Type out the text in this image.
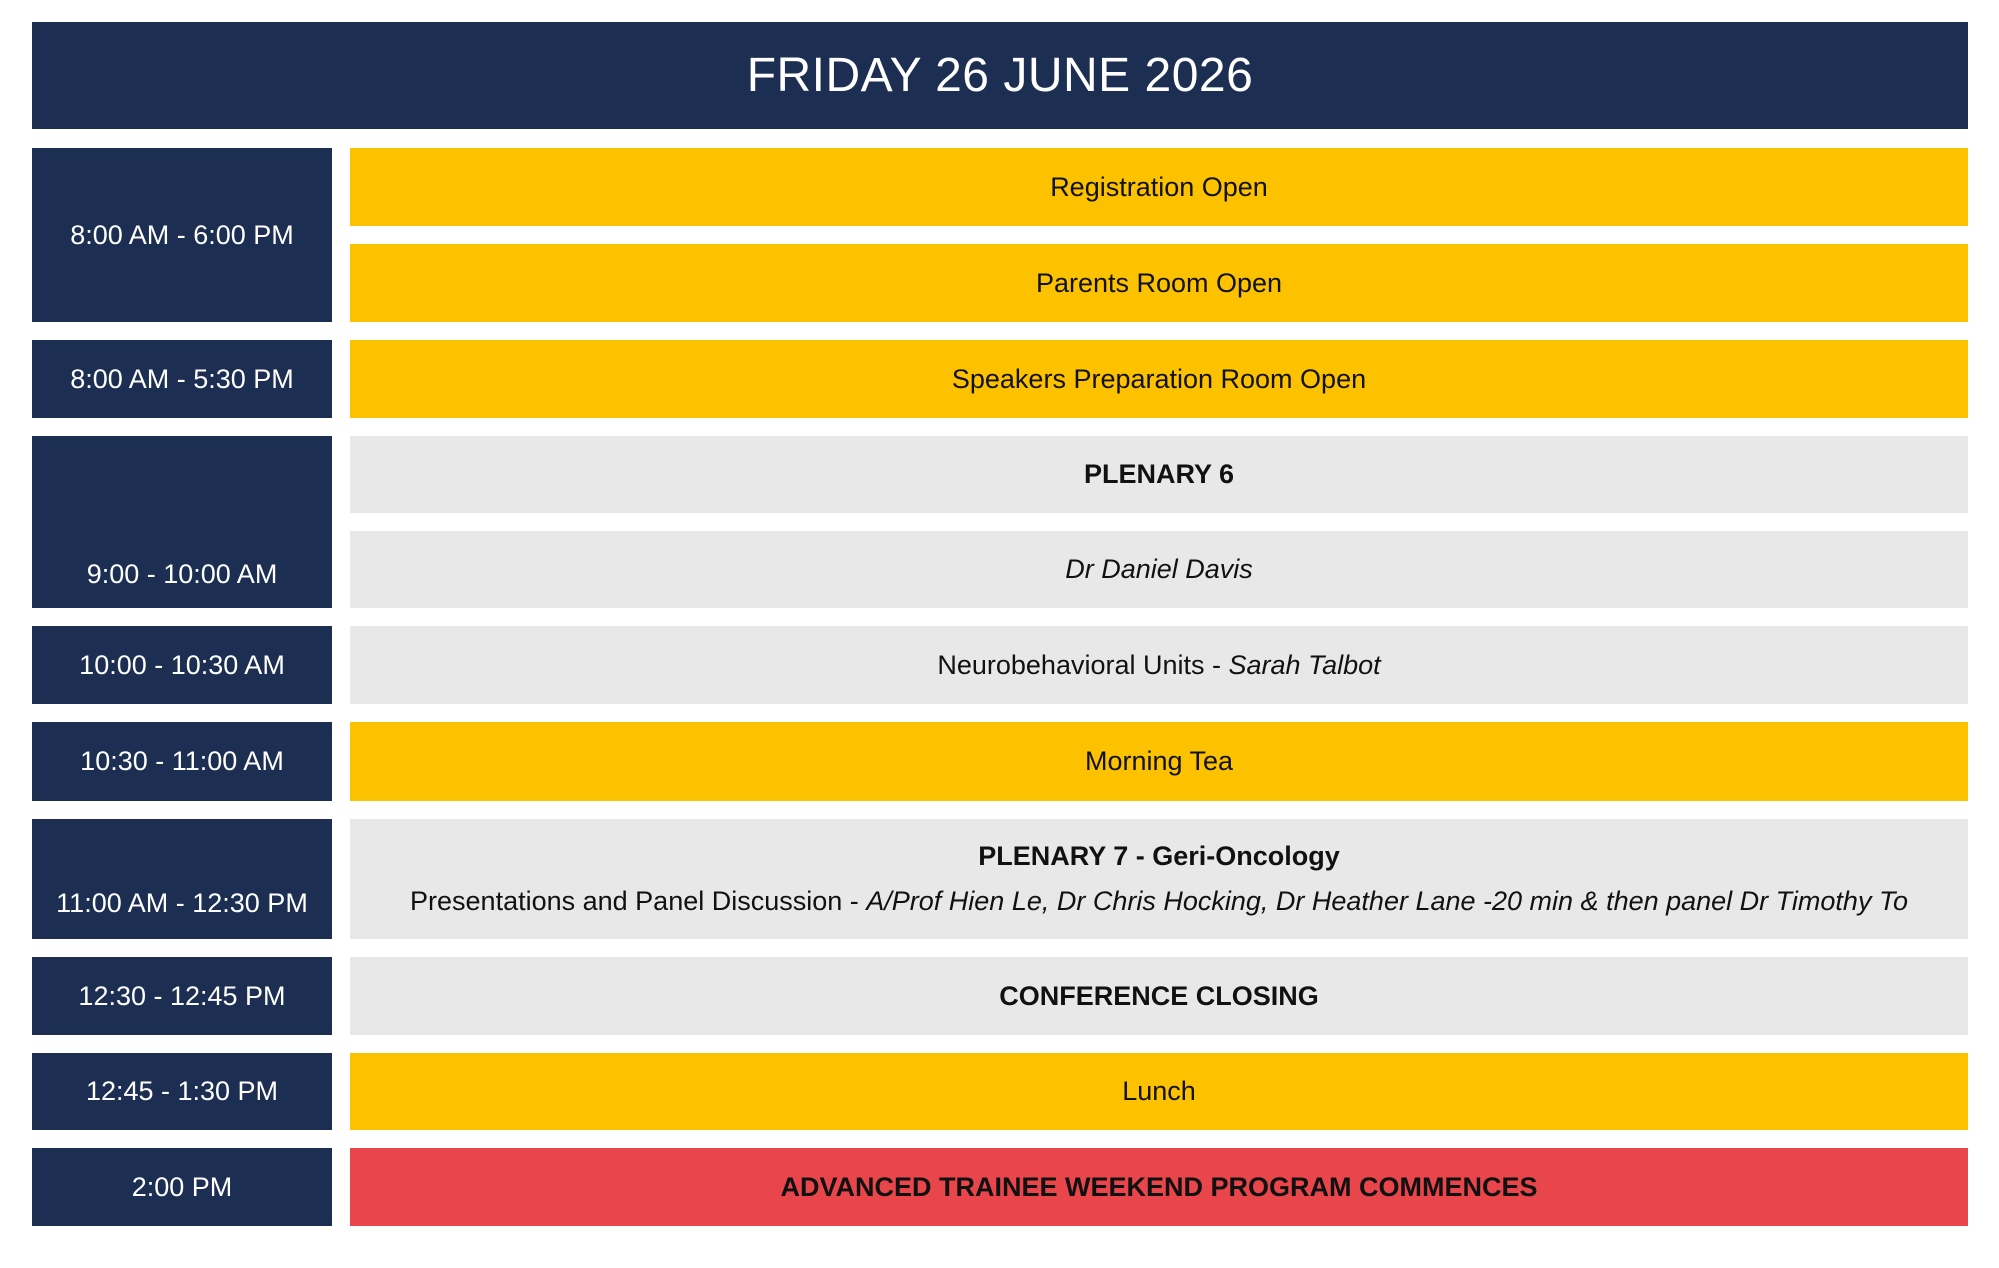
FRIDAY 26 JUNE 2026
8:00 AM - 6:00 PM
8:00 AM - 5:30 PM
9:00 - 10:00 AM
10:00 - 10:30 AM
10:30 - 11:00 AM
11:00 AM - 12:30 PM
12:30 - 12:45 PM
12:45 - 1:30 PM
2:00 PM
Registration Open
Parents Room Open
Speakers Preparation Room Open
PLENARY 6
Dr Daniel Davis
Neurobehavioral Units - Sarah Talbot
Morning Tea
PLENARY 7 - Geri-Oncology
Presentations and Panel Discussion - A/Prof Hien Le, Dr Chris Hocking, Dr Heather Lane -20 min & then panel Dr Timothy To
CONFERENCE CLOSING
Lunch
ADVANCED TRAINEE WEEKEND PROGRAM COMMENCES
